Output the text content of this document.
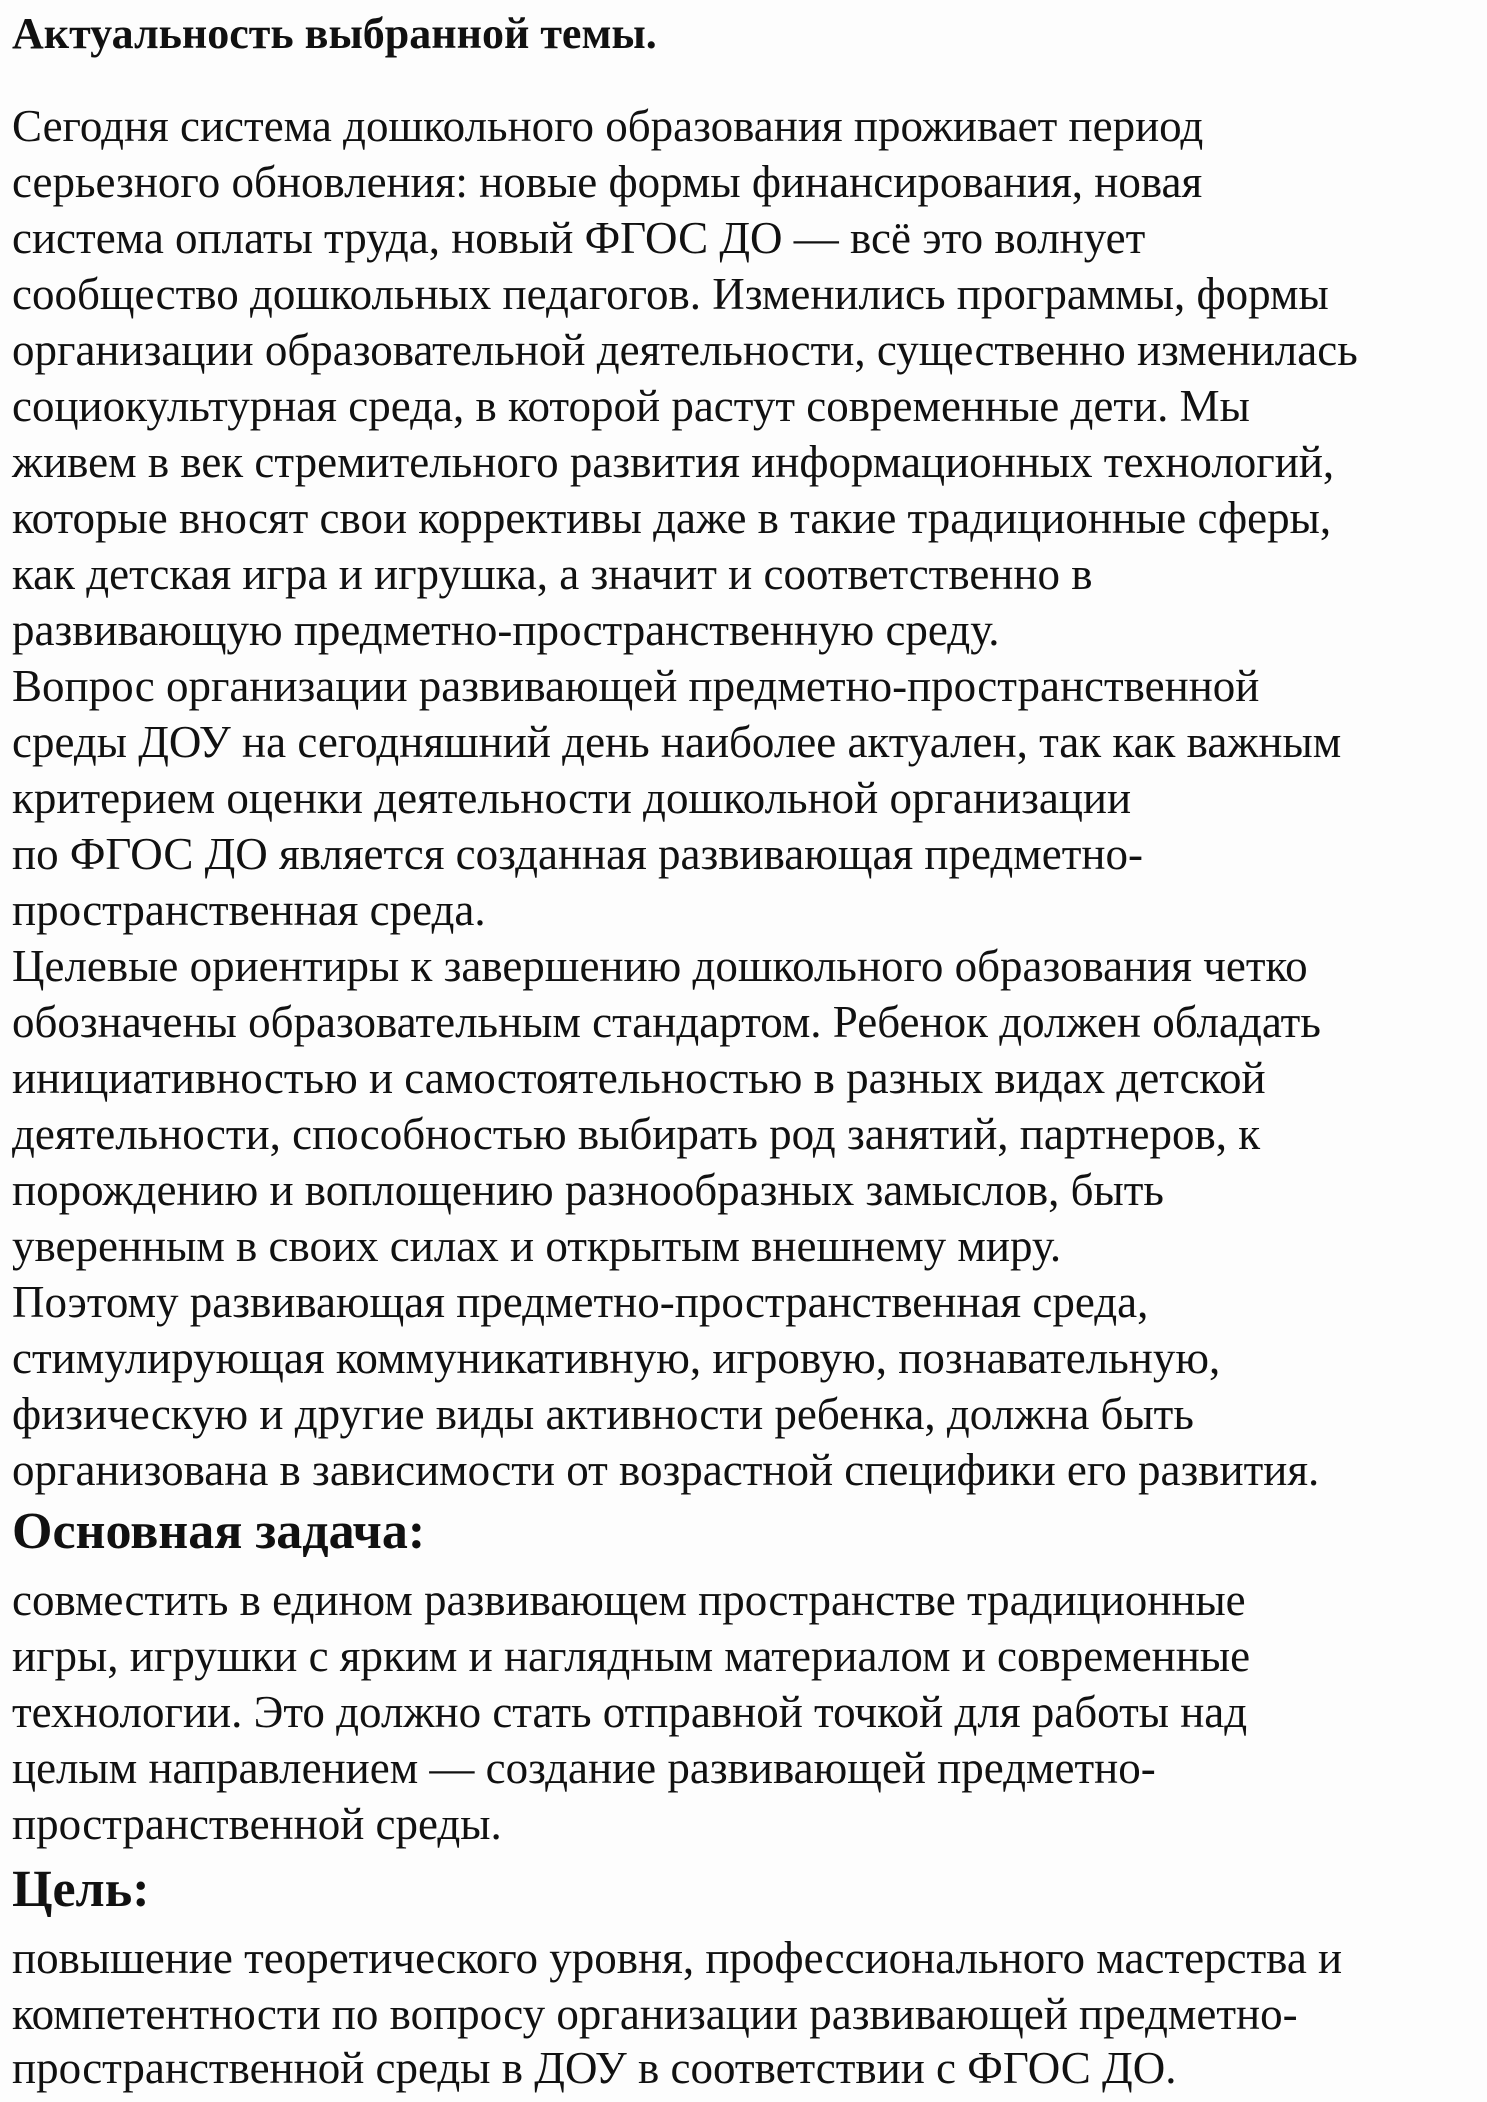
Актуальность выбранной темы.
Сегодня система дошкольного образования проживает период
серьезного обновления: новые формы финансирования, новая
система оплаты труда, новый ФГОС ДО — всё это волнует
сообщество дошкольных педагогов. Изменились программы, формы
организации образовательной деятельности, существенно изменилась
социокультурная среда, в которой растут современные дети. Мы
живем в век стремительного развития информационных технологий,
которые вносят свои коррективы даже в такие традиционные сферы,
как детская игра и игрушка, а значит и соответственно в
развивающую предметно-пространственную среду.
Вопрос организации развивающей предметно-пространственной
среды ДОУ на сегодняшний день наиболее актуален, так как важным
критерием оценки деятельности дошкольной организации
по ФГОС ДО является созданная развивающая предметно-
пространственная среда.
Целевые ориентиры к завершению дошкольного образования четко
обозначены образовательным стандартом. Ребенок должен обладать
инициативностью и самостоятельностью в разных видах детской
деятельности, способностью выбирать род занятий, партнеров, к
порождению и воплощению разнообразных замыслов, быть
уверенным в своих силах и открытым внешнему миру.
Поэтому развивающая предметно-пространственная среда,
стимулирующая коммуникативную, игровую, познавательную,
физическую и другие виды активности ребенка, должна быть
организована в зависимости от возрастной специфики его развития.
Основная задача:
совместить в едином развивающем пространстве традиционные
игры, игрушки с ярким и наглядным материалом и современные
технологии. Это должно стать отправной точкой для работы над
целым направлением — создание развивающей предметно-
пространственной среды.
Цель:
повышение теоретического уровня, профессионального мастерства и
компетентности по вопросу организации развивающей предметно-
пространственной среды в ДОУ в соответствии с ФГОС ДО.
